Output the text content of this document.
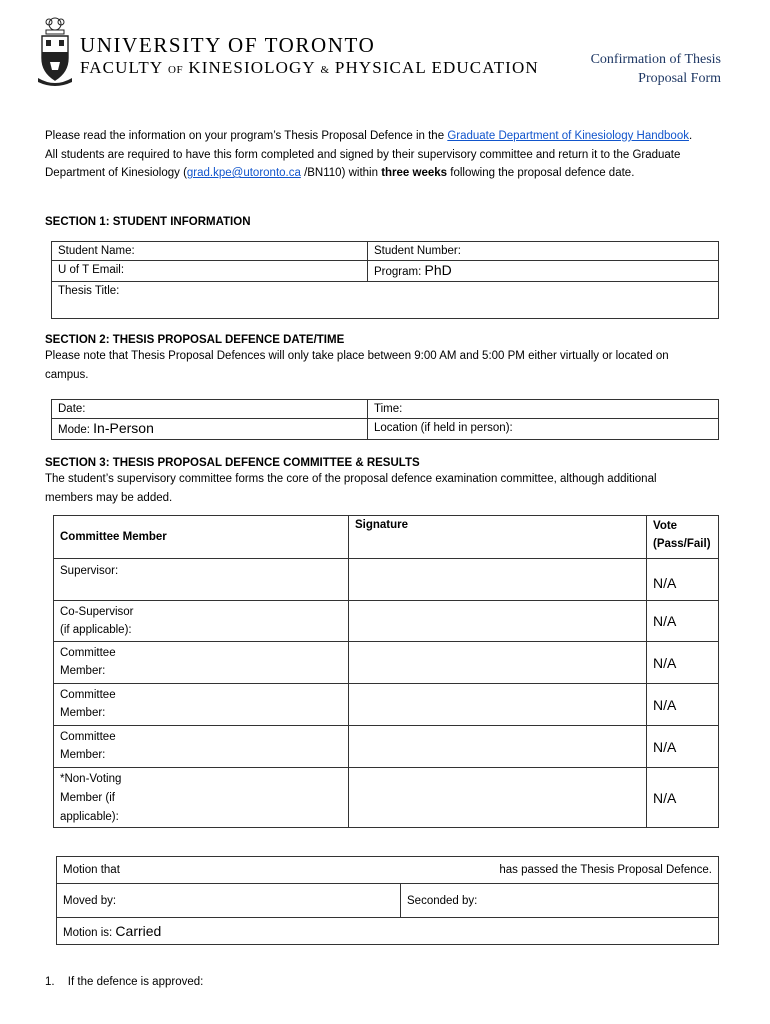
UNIVERSITY OF TORONTO
FACULTY OF KINESIOLOGY & PHYSICAL EDUCATION	Confirmation of Thesis
Proposal Form
Please read the information on your program’s Thesis Proposal Defence in the Graduate Department of Kinesiology Handbook. All students are required to have this form completed and signed by their supervisory committee and return it to the Graduate Department of Kinesiology (grad.kpe@utoronto.ca /BN110) within three weeks following the proposal defence date.
SECTION 1: STUDENT INFORMATION
Student Name:	Student Number:
U of T Email:	Program: PhD
Thesis Title:	
SECTION 2: THESIS PROPOSAL DEFENCE DATE/TIME
Please note that Thesis Proposal Defences will only take place between 9:00 AM and 5:00 PM either virtually or located on campus.
Date:	Time:
Mode: In-Person	Location (if held in person):
SECTION 3: THESIS PROPOSAL DEFENCE COMMITTEE & RESULTS
The student’s supervisory committee forms the core of the proposal defence examination committee, although additional members may be added.
Committee Member	Signature	Vote
(Pass/Fail)

Supervisor:		N/A

Co-Supervisor
(if applicable):		N/A

Committee
Member:		N/A

Committee
Member:		N/A

Committee
Member:		N/A

*Non-Voting
Member (if
applicable):		N/A
Motion that	has passed the Thesis Proposal Defence.

Moved by:	Seconded by:
Motion is: Carried
1. If the defence is approved:
